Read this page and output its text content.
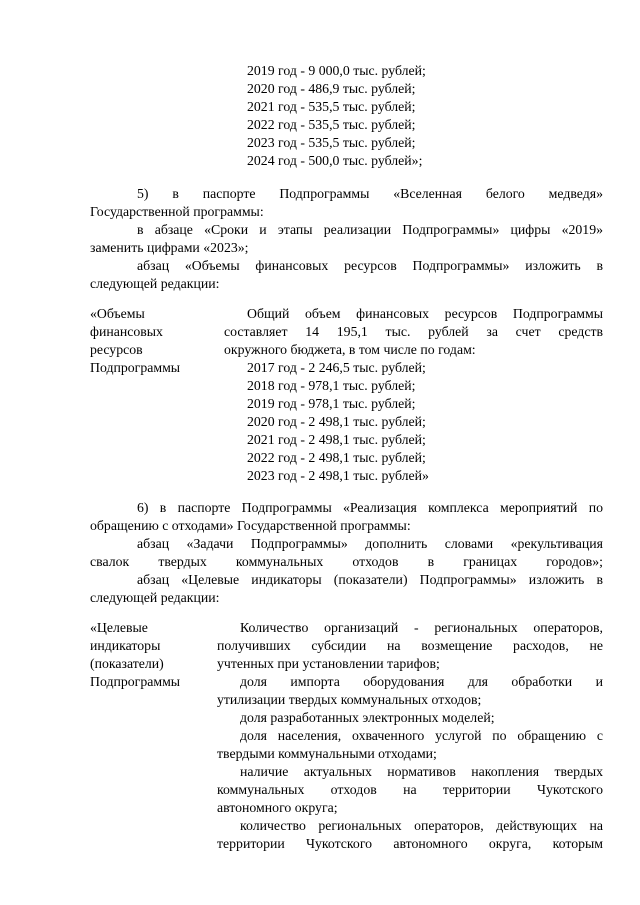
2019 год - 9 000,0 тыс. рублей;
2020 год - 486,9 тыс. рублей;
2021 год - 535,5 тыс. рублей;
2022 год - 535,5 тыс. рублей;
2023 год - 535,5 тыс. рублей;
2024 год - 500,0 тыс. рублей»;
5) в паспорте Подпрограммы «Вселенная белого медведя»
Государственной программы:
в абзаце «Сроки и этапы реализации Подпрограммы» цифры «2019»
заменить цифрами «2023»;
абзац «Объемы финансовых ресурсов Подпрограммы» изложить в
следующей редакции:
«Объемы
финансовых
ресурсов
Подпрограммы
Общий объем финансовых ресурсов Подпрограммы
составляет 14 195,1 тыс. рублей за счет средств
окружного бюджета, в том числе по годам:
2017 год - 2 246,5 тыс. рублей;
2018 год - 978,1 тыс. рублей;
2019 год - 978,1 тыс. рублей;
2020 год - 2 498,1 тыс. рублей;
2021 год - 2 498,1 тыс. рублей;
2022 год - 2 498,1 тыс. рублей;
2023 год - 2 498,1 тыс. рублей»
6) в паспорте Подпрограммы «Реализация комплекса мероприятий по
обращению с отходами» Государственной программы:
абзац «Задачи Подпрограммы» дополнить словами «рекультивация
свалок твердых коммунальных отходов в границах городов»;
абзац «Целевые индикаторы (показатели) Подпрограммы» изложить в
следующей редакции:
«Целевые
индикаторы
(показатели)
Подпрограммы
Количество организаций - региональных операторов,
получивших субсидии на возмещение расходов, не
учтенных при установлении тарифов;
доля импорта оборудования для обработки и
утилизации твердых коммунальных отходов;
доля разработанных электронных моделей;
доля населения, охваченного услугой по обращению с
твердыми коммунальными отходами;
наличие актуальных нормативов накопления твердых
коммунальных отходов на территории Чукотского
автономного округа;
количество региональных операторов, действующих на
территории Чукотского автономного округа, которым
